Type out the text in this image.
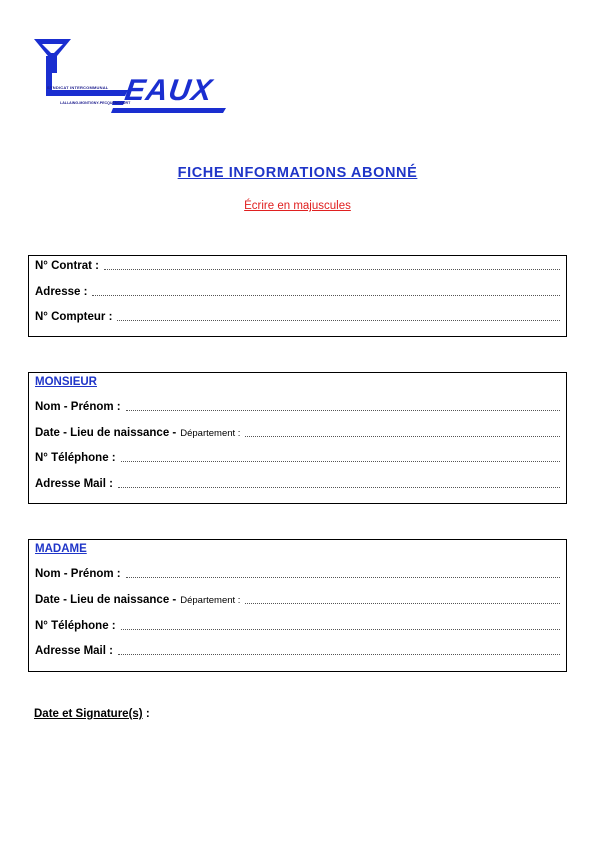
SYNDICAT INTERCOMMUNAL
LALLAING-MONTIGNY-PECQUENCOURT
EAUX
FICHE INFORMATIONS ABONNÉ
Écrire en majuscules
N° Contrat :
Adresse :
N° Compteur :
MONSIEUR
Nom - Prénom :
Date - Lieu de naissance - Département :
N° Téléphone :
Adresse Mail :
MADAME
Nom - Prénom :
Date - Lieu de naissance - Département :
N° Téléphone :
Adresse Mail :
Date et Signature(s) :
